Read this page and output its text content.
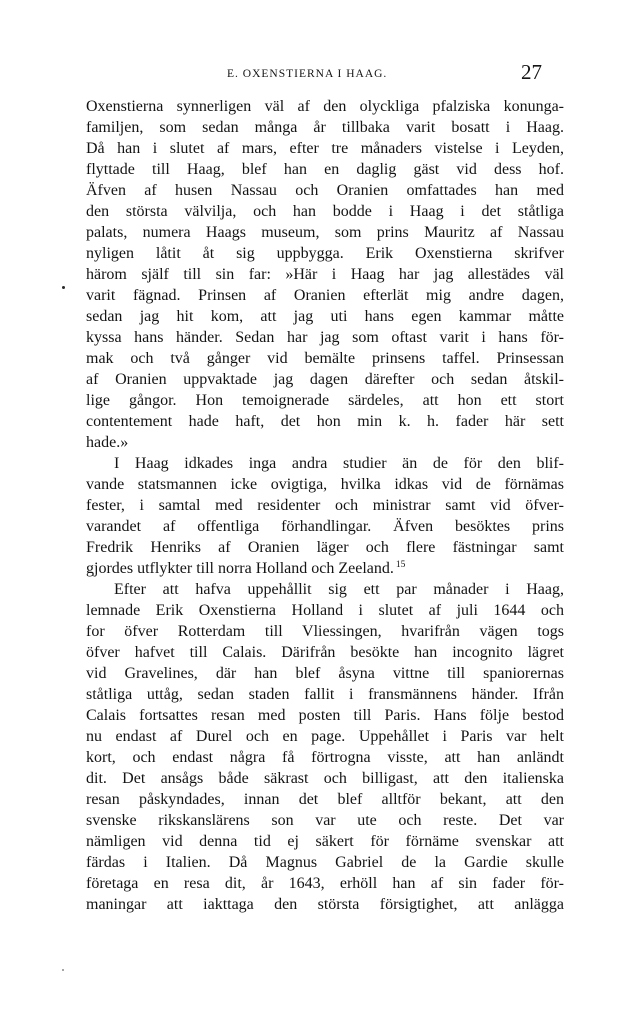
E. OXENSTIERNA I HAAG.	27
Oxenstierna synnerligen väl af den olyckliga pfalziska konunga-
familjen, som sedan många år tillbaka varit bosatt i Haag.
Då han i slutet af mars, efter tre månaders vistelse i Leyden,
flyttade till Haag, blef han en daglig gäst vid dess hof.
Äfven af husen Nassau och Oranien omfattades han med
den största välvilja, och han bodde i Haag i det ståtliga
palats, numera Haags museum, som prins Mauritz af Nassau
nyligen låtit åt sig uppbygga. Erik Oxenstierna skrifver
härom själf till sin far: »Här i Haag har jag allestädes väl
varit fägnad. Prinsen af Oranien efterlät mig andre dagen,
sedan jag hit kom, att jag uti hans egen kammar måtte
kyssa hans händer. Sedan har jag som oftast varit i hans för-
mak och två gånger vid bemälte prinsens taffel. Prinsessan
af Oranien uppvaktade jag dagen därefter och sedan åtskil-
lige gångor. Hon temoignerade särdeles, att hon ett stort
contentement hade haft, det hon min k. h. fader här sett
hade.»
I Haag idkades inga andra studier än de för den blif-
vande statsmannen icke ovigtiga, hvilka idkas vid de förnämas
fester, i samtal med residenter och ministrar samt vid öfver-
varandet af offentliga förhandlingar. Äfven besöktes prins
Fredrik Henriks af Oranien läger och flere fästningar samt
gjordes utflykter till norra Holland och Zeeland. $^{15}$
Efter att hafva uppehållit sig ett par månader i Haag,
lemnade Erik Oxenstierna Holland i slutet af juli 1644 och
for öfver Rotterdam till Vliessingen, hvarifrån vägen togs
öfver hafvet till Calais. Därifrån besökte han incognito lägret
vid Gravelines, där han blef åsyna vittne till spaniorernas
ståtliga uttåg, sedan staden fallit i fransmännens händer. Ifrån
Calais fortsattes resan med posten till Paris. Hans följe bestod
nu endast af Durel och en page. Uppehållet i Paris var helt
kort, och endast några få förtrogna visste, att han anländt
dit. Det ansågs både säkrast och billigast, att den italienska
resan påskyndades, innan det blef alltför bekant, att den
svenske rikskanslärens son var ute och reste. Det var
nämligen vid denna tid ej säkert för förnäme svenskar att
färdas i Italien. Då Magnus Gabriel de la Gardie skulle
företaga en resa dit, år 1643, erhöll han af sin fader för-
maningar att iakttaga den största försigtighet, att anlägga
